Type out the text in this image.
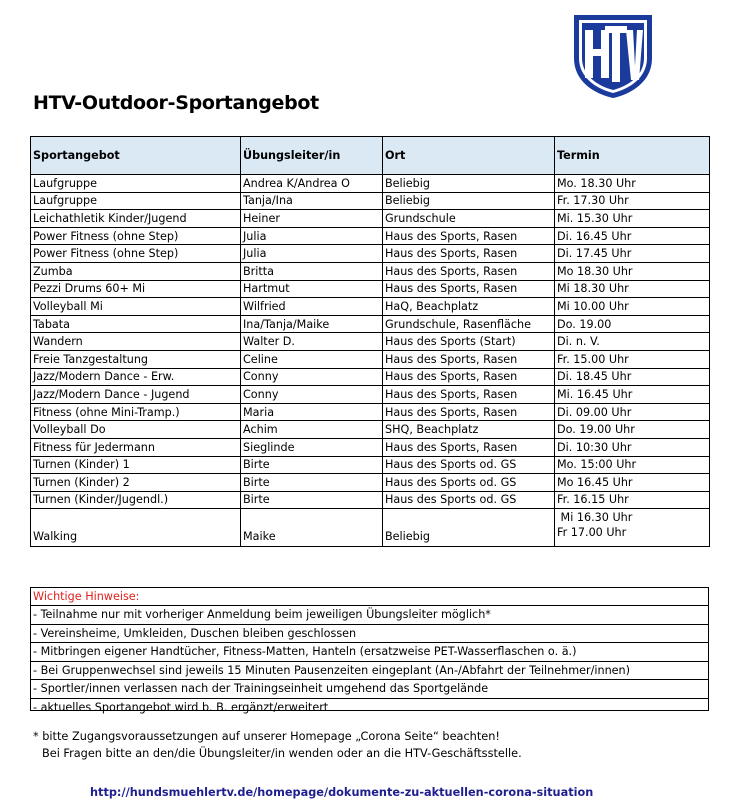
HTV-Outdoor-Sportangebot
Sportangebot	Übungsleiter/in	Ort	Termin
Laufgruppe	Andrea K/Andrea O	Beliebig	Mo. 18.30 Uhr
Laufgruppe	Tanja/Ina	Beliebig	Fr. 17.30 Uhr
Leichathletik Kinder/Jugend	Heiner	Grundschule	Mi. 15.30 Uhr
Power Fitness (ohne Step)	Julia	Haus des Sports, Rasen	Di. 16.45 Uhr
Power Fitness (ohne Step)	Julia	Haus des Sports, Rasen	Di. 17.45 Uhr
Zumba	Britta	Haus des Sports, Rasen	Mo 18.30 Uhr
Pezzi Drums 60+ Mi	Hartmut	Haus des Sports, Rasen	Mi 18.30 Uhr
Volleyball Mi	Wilfried	HaQ, Beachplatz	Mi 10.00 Uhr
Tabata	Ina/Tanja/Maike	Grundschule, Rasenfläche	Do. 19.00
Wandern	Walter D.	Haus des Sports (Start)	Di. n. V.
Freie Tanzgestaltung	Celine	Haus des Sports, Rasen	Fr. 15.00 Uhr
Jazz/Modern Dance - Erw.	Conny	Haus des Sports, Rasen	Di. 18.45 Uhr
Jazz/Modern Dance - Jugend	Conny	Haus des Sports, Rasen	Mi. 16.45 Uhr
Fitness (ohne Mini-Tramp.)	Maria	Haus des Sports, Rasen	Di. 09.00 Uhr
Volleyball Do	Achim	SHQ, Beachplatz	Do. 19.00 Uhr
Fitness für Jedermann	Sieglinde	Haus des Sports, Rasen	Di. 10:30 Uhr
Turnen (Kinder) 1	Birte	Haus des Sports od. GS	Mo. 15:00 Uhr
Turnen (Kinder) 2	Birte	Haus des Sports od. GS	Mo 16.45 Uhr
Turnen (Kinder/Jugendl.)	Birte	Haus des Sports od. GS	Fr. 16.15 Uhr
Walking	Maike	Beliebig	Mi 16.30 Uhr
Fr 17.00 Uhr
Wichtige Hinweise:
- Teilnahme nur mit vorheriger Anmeldung beim jeweiligen Übungsleiter möglich*
- Vereinsheime, Umkleiden, Duschen bleiben geschlossen
- Mitbringen eigener Handtücher, Fitness-Matten, Hanteln (ersatzweise PET-Wasserflaschen o. ä.)
- Bei Gruppenwechsel sind jeweils 15 Minuten Pausenzeiten eingeplant (An-/Abfahrt der Teilnehmer/innen)
- Sportler/innen verlassen nach der Trainingseinheit umgehend das Sportgelände
- aktuelles Sportangebot wird b. B. ergänzt/erweitert
* bitte Zugangsvoraussetzungen auf unserer Homepage „Corona Seite“ beachten!
Bei Fragen bitte an den/die Übungsleiter/in wenden oder an die HTV-Geschäftsstelle.
http://hundsmuehlertv.de/homepage/dokumente-zu-aktuellen-corona-situation
